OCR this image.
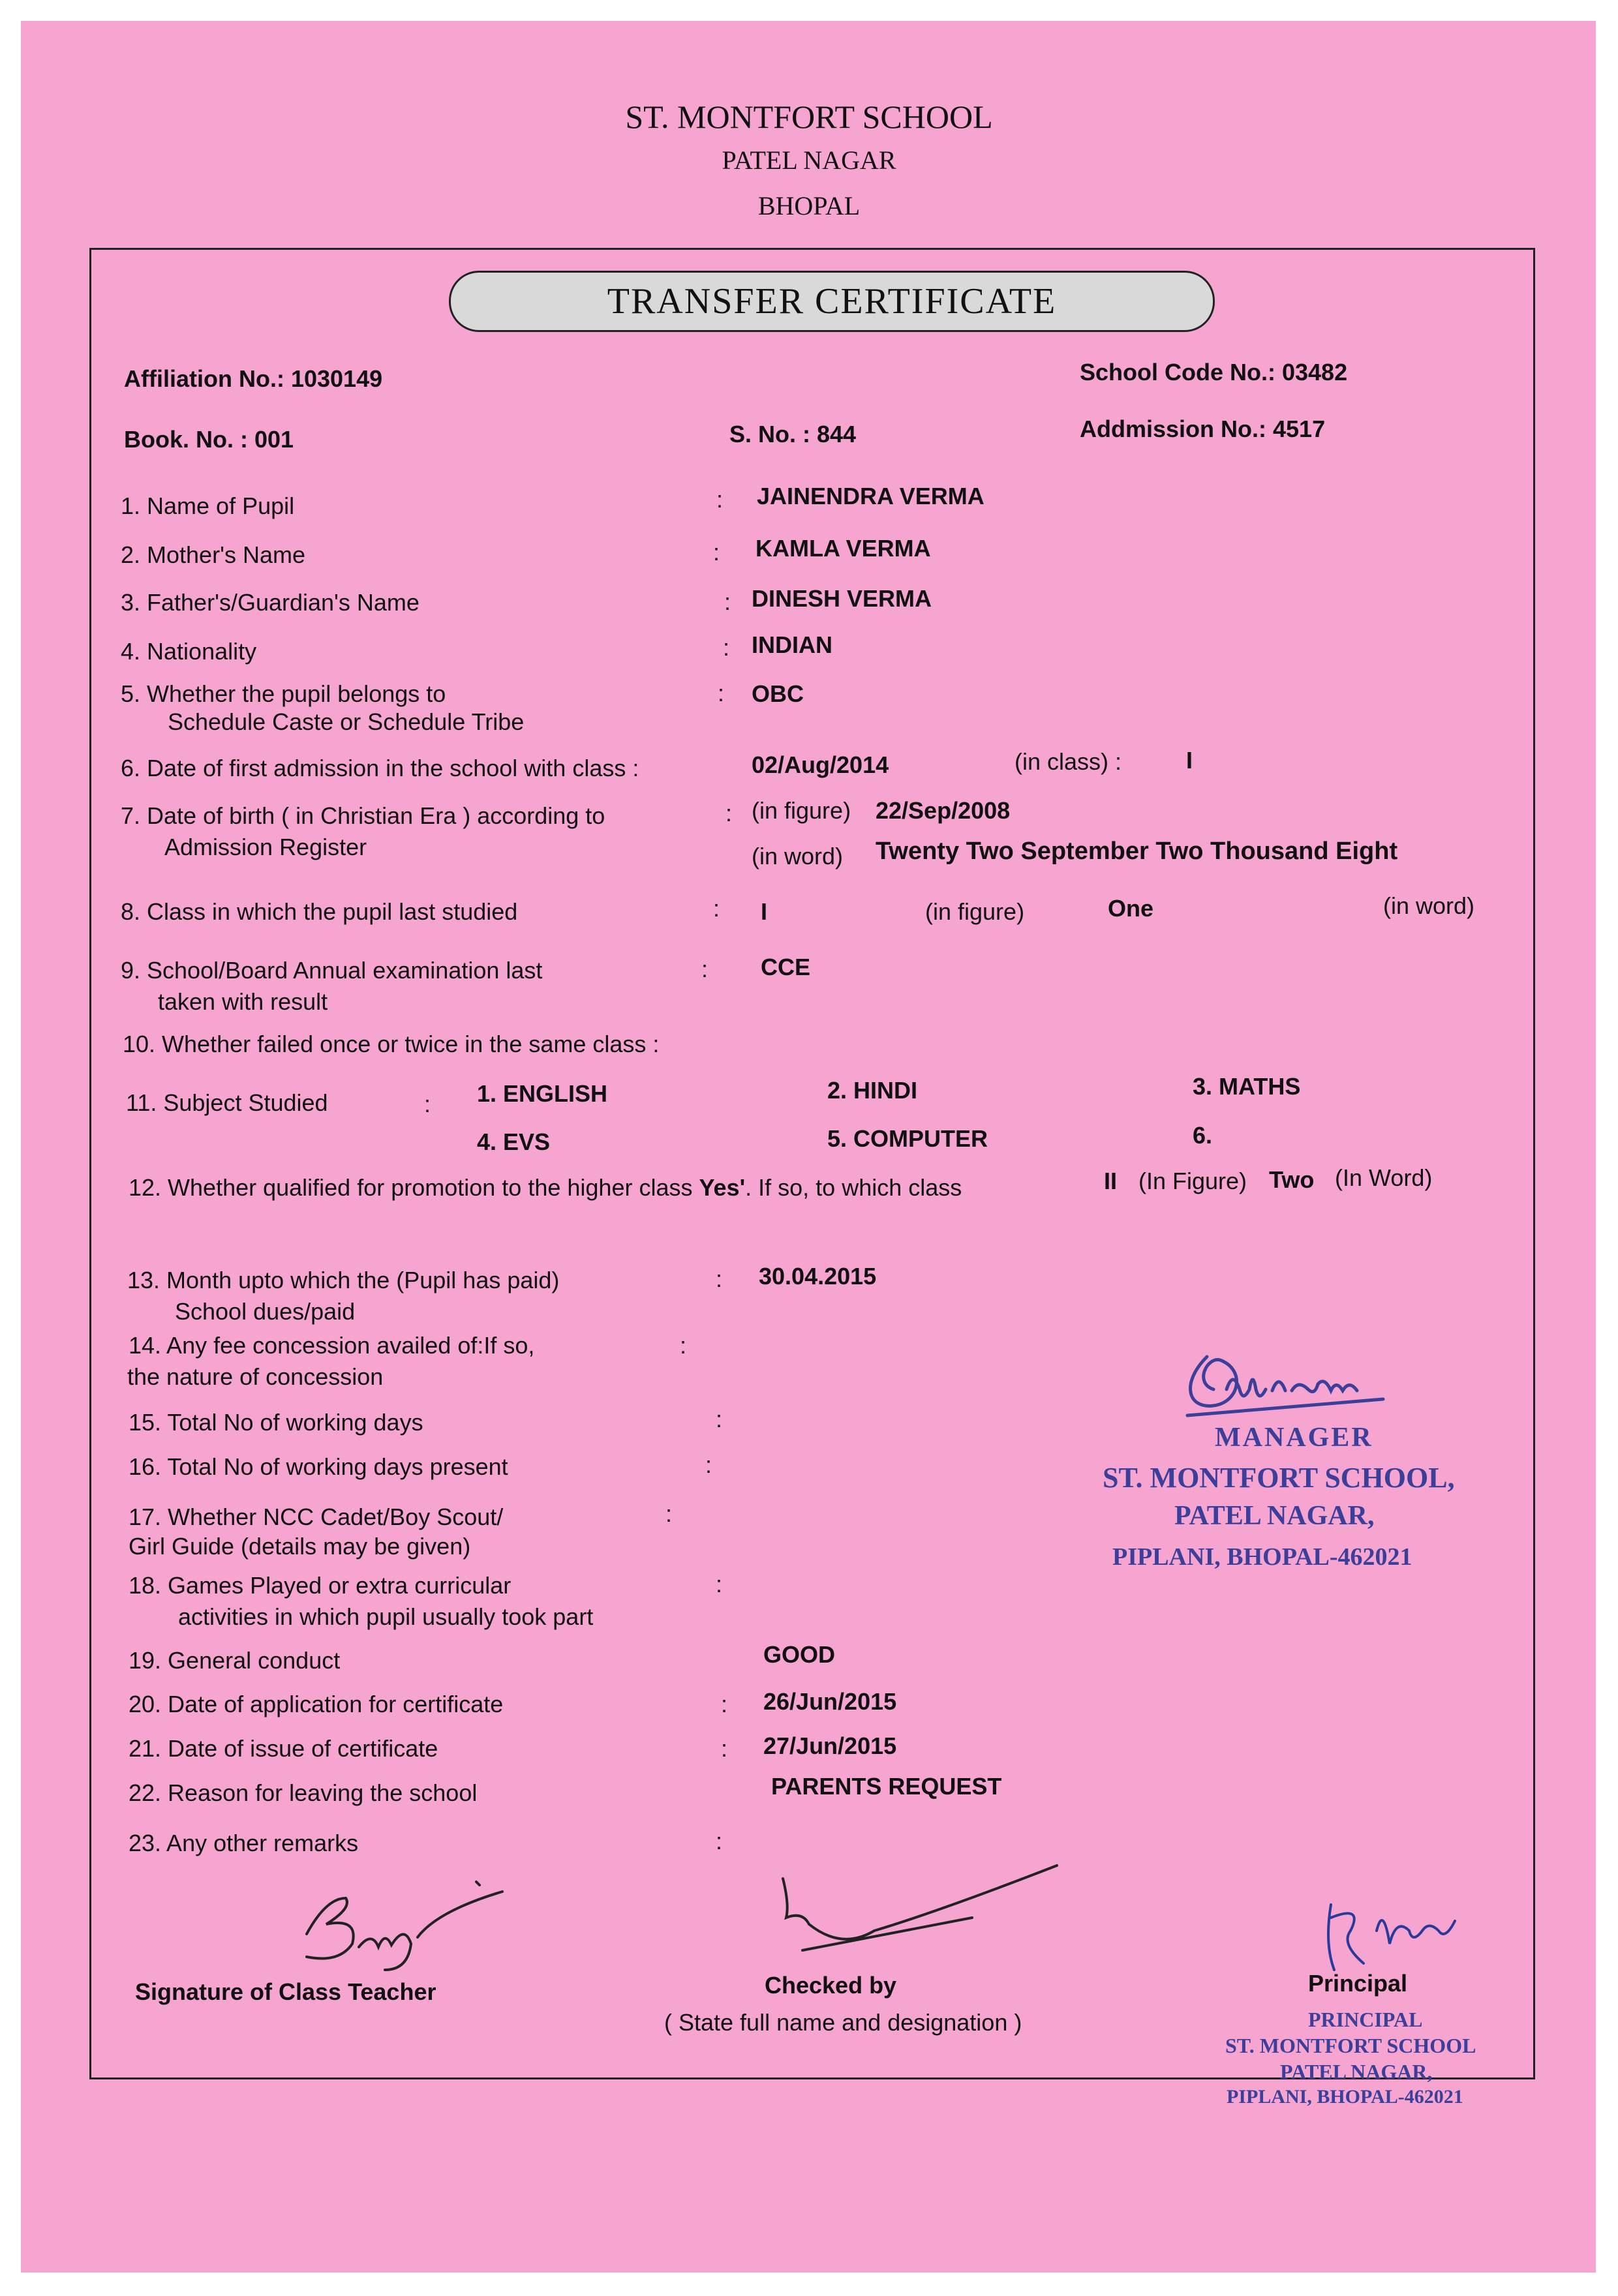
ST. MONTFORT SCHOOL
PATEL NAGAR
BHOPAL
TRANSFER CERTIFICATE
Affiliation No.: 1030149	School Code No.: 03482
Book. No. : 001	S. No. : 844	Addmission No.: 4517
1. Name of Pupil	: JAINENDRA VERMA
2. Mother's Name	: KAMLA VERMA
3. Father's/Guardian's Name	: DINESH VERMA
4. Nationality	: INDIAN
5. Whether the pupil belongs to
Schedule Caste or Schedule Tribe
: OBC
6. Date of first admission in the school with class :	02/Aug/2014	(in class) :	I
7. Date of birth ( in Christian Era ) according to
Admission Register
: (in figure) 22/Sep/2008
(in word) Twenty Two September Two Thousand Eight
8. Class in which the pupil last studied	: I	(in figure)	One	(in word)
9. School/Board Annual examination last
taken with result
: CCE
10. Whether failed once or twice in the same class :
11. Subject Studied	: 1. ENGLISH	2. HINDI	3. MATHS
4. EVS	5. COMPUTER	6.
12. Whether qualified for promotion to the higher class Yes'. If so, to which class	II (In Figure) Two (In Word)
13. Month upto which the (Pupil has paid)
School dues/paid
: 30.04.2015
14. Any fee concession availed of:If so,
the nature of concession
:
15. Total No of working days	:
16. Total No of working days present	:
17. Whether NCC Cadet/Boy Scout/
Girl Guide (details may be given)
:
18. Games Played or extra curricular
activities in which pupil usually took part
:
19. General conduct	GOOD
20. Date of application for certificate	: 26/Jun/2015
21. Date of issue of certificate	: 27/Jun/2015
22. Reason for leaving the school	PARENTS REQUEST
23. Any other remarks	:
MANAGER
ST. MONTFORT SCHOOL,
PATEL NAGAR,
PIPLANI, BHOPAL-462021
Signature of Class Teacher	Checked by
( State full name and designation )
Principal
PRINCIPAL
ST. MONTFORT SCHOOL
PATEL NAGAR,
PIPLANI, BHOPAL-462021
